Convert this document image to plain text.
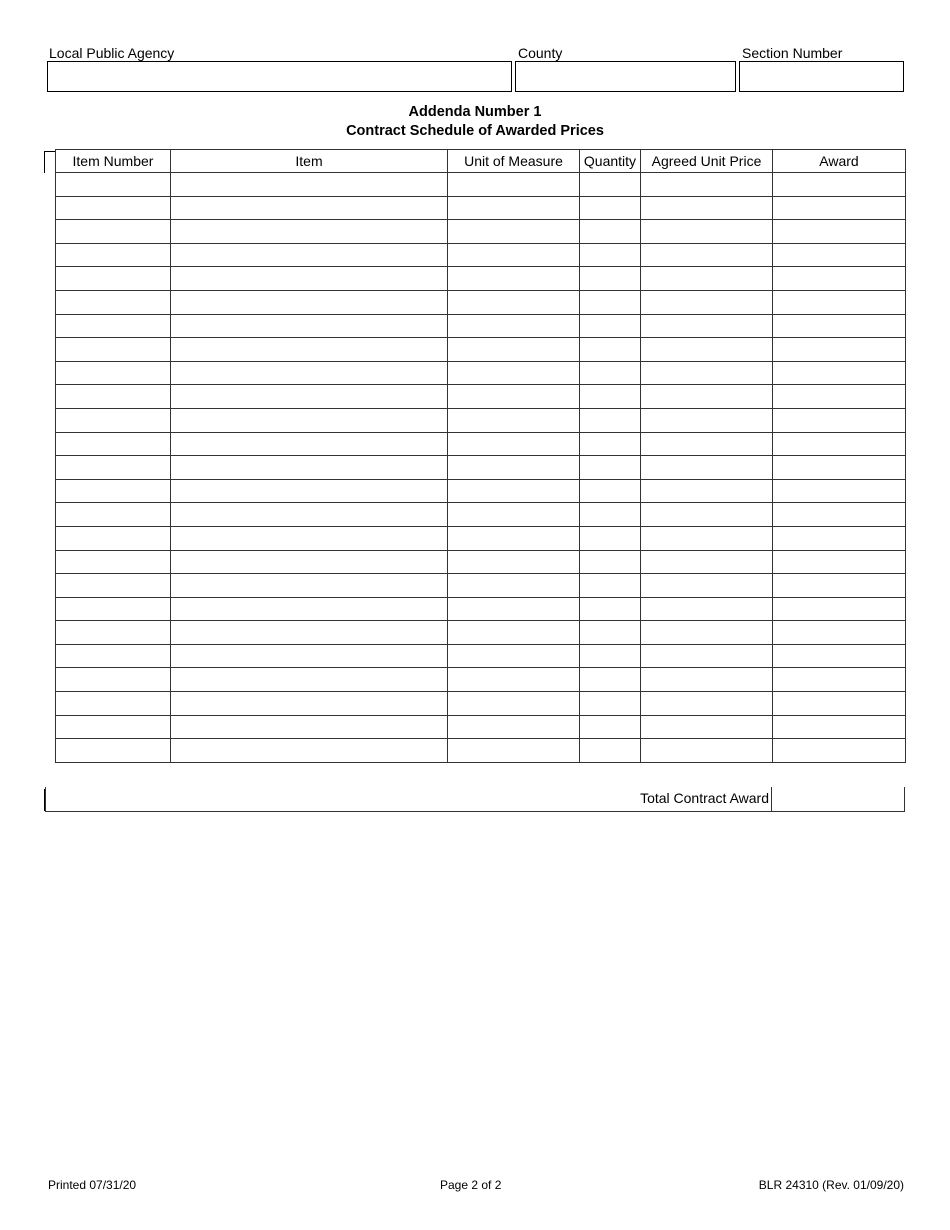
Local Public Agency	County	Section Number
Addenda Number 1
Contract Schedule of Awarded Prices
Item Number	Item	Unit of Measure	Quantity	Agreed Unit Price	Award

Total Contract Award
Printed 07/31/20	Page 2 of 2	BLR 24310 (Rev. 01/09/20)
